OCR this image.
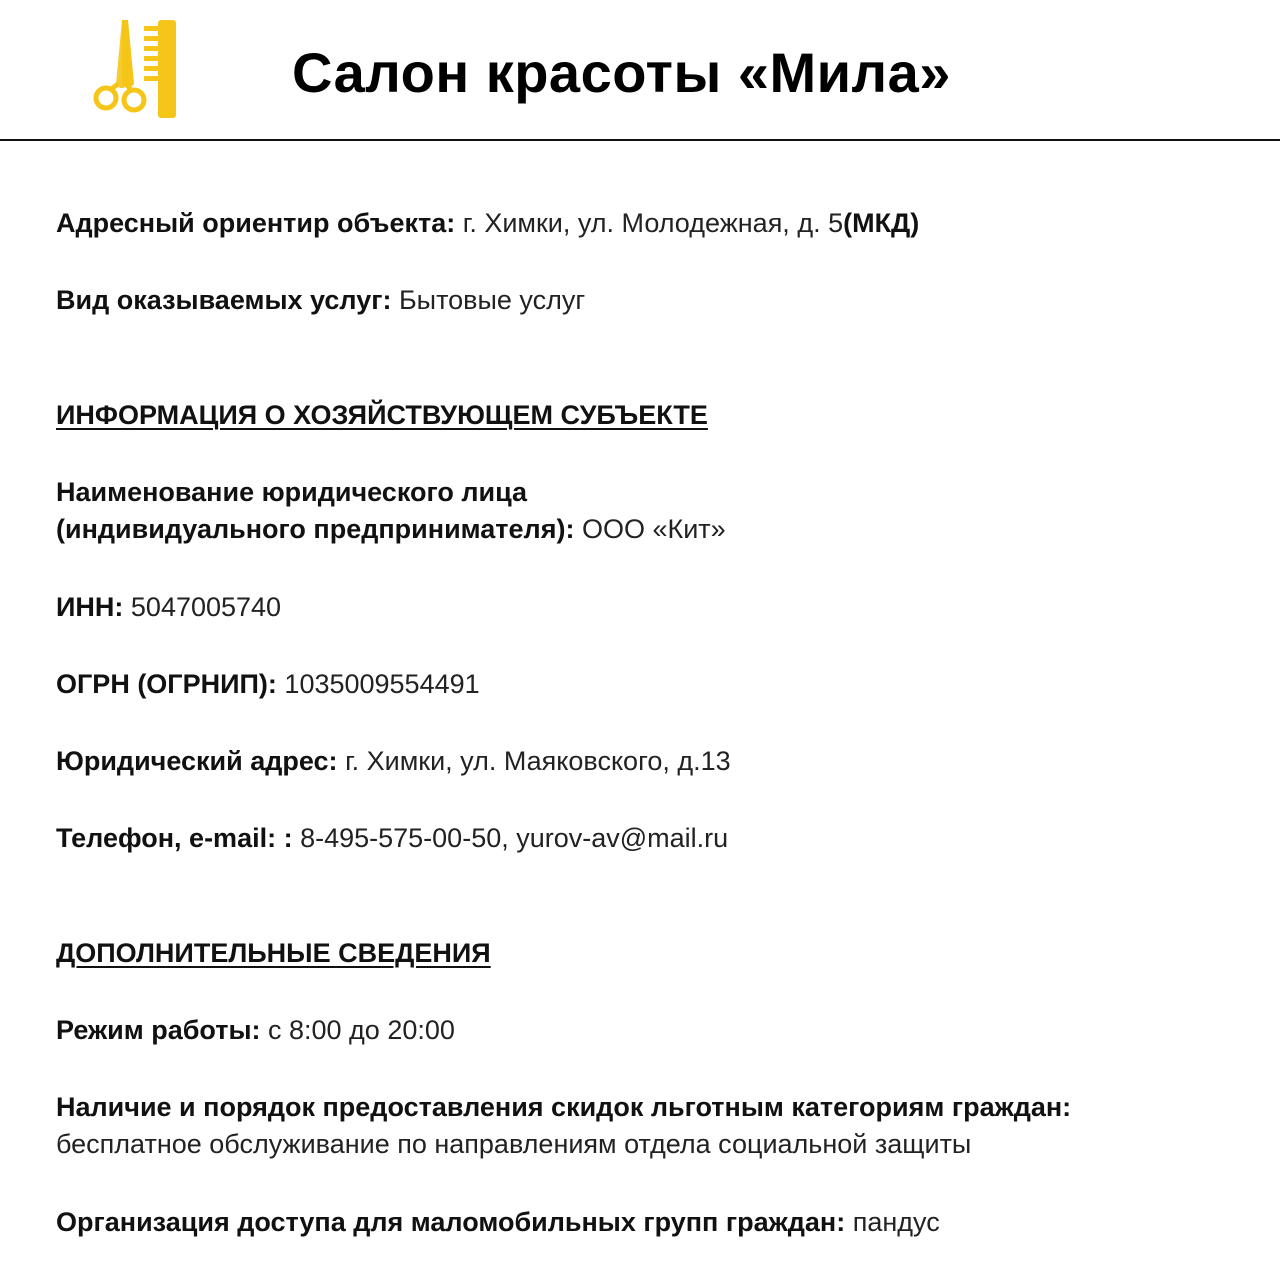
Салон красоты «Мила»
Адресный ориентир объекта: г. Химки, ул. Молодежная, д. 5(МКД)
Вид оказываемых услуг: Бытовые услуг
ИНФОРМАЦИЯ О ХОЗЯЙСТВУЮЩЕМ СУБЪЕКТЕ
Наименование юридического лица
(индивидуального предпринимателя): ООО «Кит»
ИНН: 5047005740
ОГРН (ОГРНИП): 1035009554491
Юридический адрес: г. Химки, ул. Маяковского, д.13
Телефон, e-mail: : 8-495-575-00-50, yurov-av@mail.ru
ДОПОЛНИТЕЛЬНЫЕ СВЕДЕНИЯ
Режим работы: с 8:00 до 20:00
Наличие и порядок предоставления скидок льготным категориям граждан:
бесплатное обслуживание по направлениям отдела социальной защиты
Организация доступа для маломобильных групп граждан: пандус
